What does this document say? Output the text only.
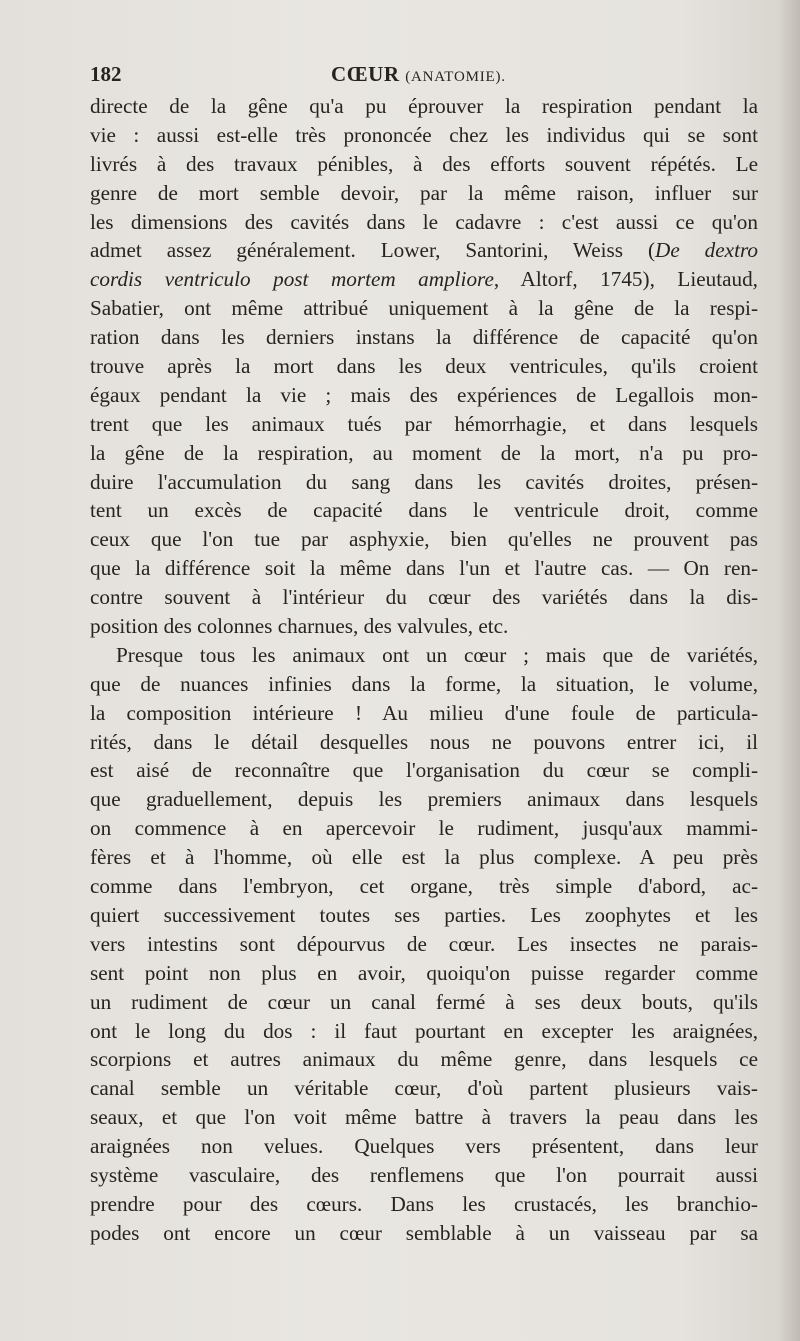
182	CŒUR (ANATOMIE).
directe de la gêne qu'a pu éprouver la respiration pendant la
vie : aussi est-elle très prononcée chez les individus qui se sont
livrés à des travaux pénibles, à des efforts souvent répétés. Le
genre de mort semble devoir, par la même raison, influer sur
les dimensions des cavités dans le cadavre : c'est aussi ce qu'on
admet assez généralement. Lower, Santorini, Weiss (De dextro
cordis ventriculo post mortem ampliore, Altorf, 1745), Lieutaud,
Sabatier, ont même attribué uniquement à la gêne de la respi-
ration dans les derniers instans la différence de capacité qu'on
trouve après la mort dans les deux ventricules, qu'ils croient
égaux pendant la vie ; mais des expériences de Legallois mon-
trent que les animaux tués par hémorrhagie, et dans lesquels
la gêne de la respiration, au moment de la mort, n'a pu pro-
duire l'accumulation du sang dans les cavités droites, présen-
tent un excès de capacité dans le ventricule droit, comme
ceux que l'on tue par asphyxie, bien qu'elles ne prouvent pas
que la différence soit la même dans l'un et l'autre cas. — On ren-
contre souvent à l'intérieur du cœur des variétés dans la dis-
position des colonnes charnues, des valvules, etc.
Presque tous les animaux ont un cœur ; mais que de variétés,
que de nuances infinies dans la forme, la situation, le volume,
la composition intérieure ! Au milieu d'une foule de particula-
rités, dans le détail desquelles nous ne pouvons entrer ici, il
est aisé de reconnaître que l'organisation du cœur se compli-
que graduellement, depuis les premiers animaux dans lesquels
on commence à en apercevoir le rudiment, jusqu'aux mammi-
fères et à l'homme, où elle est la plus complexe. A peu près
comme dans l'embryon, cet organe, très simple d'abord, ac-
quiert successivement toutes ses parties. Les zoophytes et les
vers intestins sont dépourvus de cœur. Les insectes ne parais-
sent point non plus en avoir, quoiqu'on puisse regarder comme
un rudiment de cœur un canal fermé à ses deux bouts, qu'ils
ont le long du dos : il faut pourtant en excepter les araignées,
scorpions et autres animaux du même genre, dans lesquels ce
canal semble un véritable cœur, d'où partent plusieurs vais-
seaux, et que l'on voit même battre à travers la peau dans les
araignées non velues. Quelques vers présentent, dans leur
système vasculaire, des renflemens que l'on pourrait aussi
prendre pour des cœurs. Dans les crustacés, les branchio-
podes ont encore un cœur semblable à un vaisseau par sa
